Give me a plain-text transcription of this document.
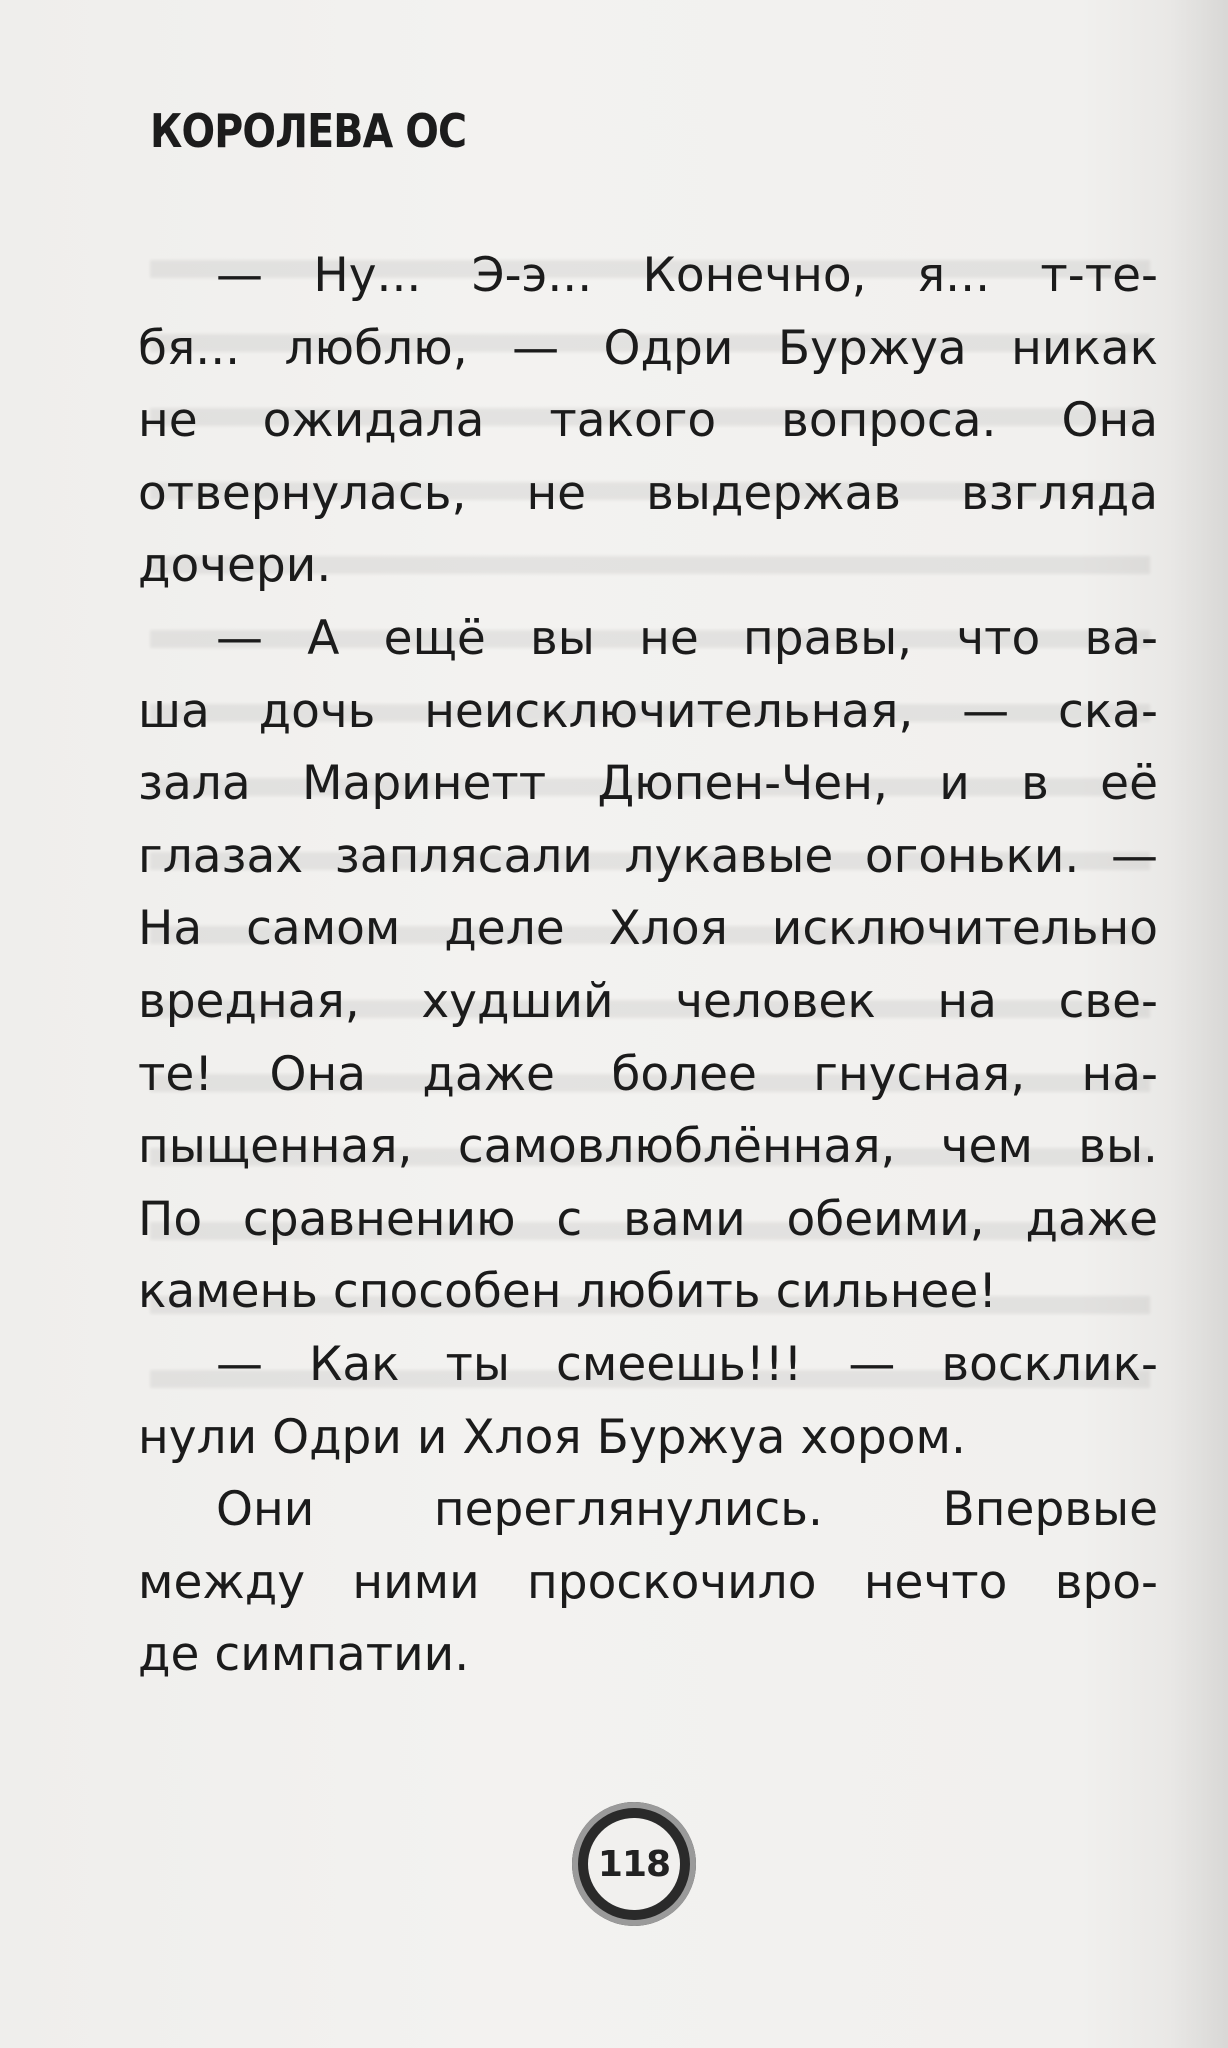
КОРОЛЕВА ОС

— Ну... Э-э... Конечно, я... т-те-
бя... люблю, — Одри Буржуа никак
не ожидала такого вопроса. Она
отвернулась, не выдержав взгляда
дочери.

— А ещё вы не правы, что ва-
ша дочь неисключительная, — ска-
зала Маринетт Дюпен-Чен, и в её
глазах заплясали лукавые огоньки. —
На самом деле Хлоя исключительно
вредная, худший человек на све-
те! Она даже более гнусная, на-
пыщенная, самовлюблённая, чем вы.
По сравнению с вами обеими, даже
камень способен любить сильнее!

— Как ты смеешь!!! — восклик-
нули Одри и Хлоя Буржуа хором.

Они переглянулись. Впервые
между ними проскочило нечто вро-
де симпатии.

118
